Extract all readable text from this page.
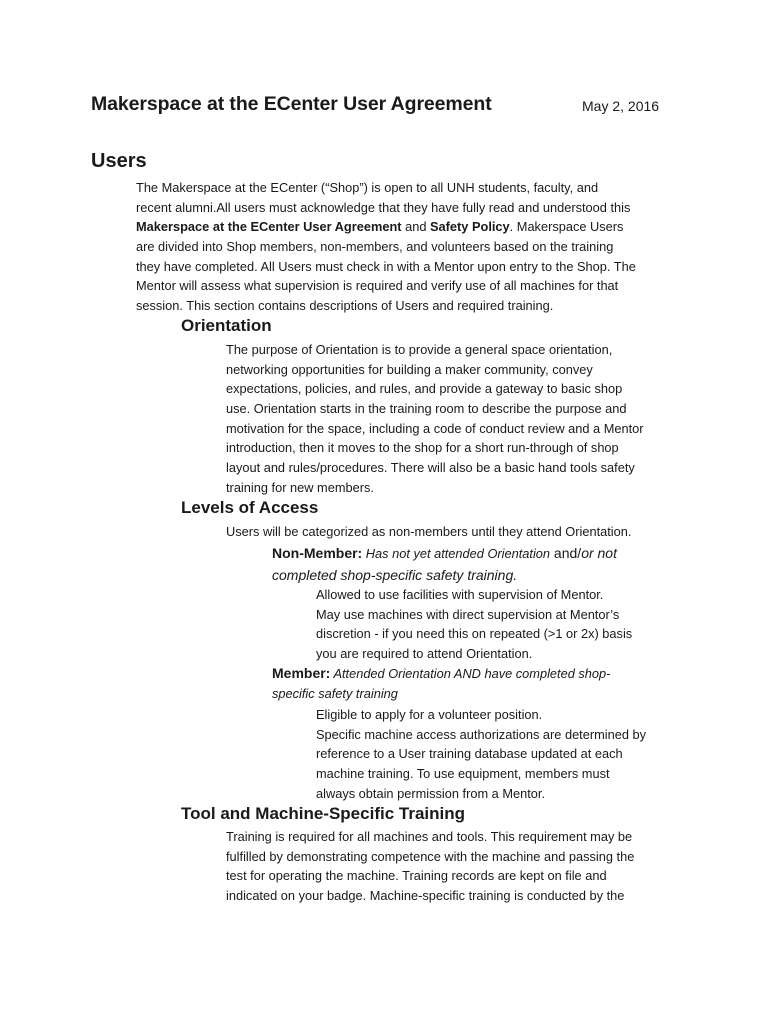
Makerspace at the ECenter User Agreement	May 2, 2016
Users
The Makerspace at the ECenter (“Shop”) is open to all UNH students, faculty, and
recent alumni.All users must acknowledge that they have fully read and understood this
Makerspace at the ECenter User Agreement and Safety Policy. Makerspace Users
are divided into Shop members, non-members, and volunteers based on the training
they have completed. All Users must check in with a Mentor upon entry to the Shop. The
Mentor will assess what supervision is required and verify use of all machines for that
session. This section contains descriptions of Users and required training.
Orientation
The purpose of Orientation is to provide a general space orientation,
networking opportunities for building a maker community, convey
expectations, policies, and rules, and provide a gateway to basic shop
use. Orientation starts in the training room to describe the purpose and
motivation for the space, including a code of conduct review and a Mentor
introduction, then it moves to the shop for a short run-through of shop
layout and rules/procedures. There will also be a basic hand tools safety
training for new members.
Levels of Access
Users will be categorized as non-members until they attend Orientation.
Non-Member: Has not yet attended Orientation and/or not
completed shop-specific safety training.
Allowed to use facilities with supervision of Mentor.
May use machines with direct supervision at Mentor’s
discretion - if you need this on repeated (>1 or 2x) basis
you are required to attend Orientation.
Member: Attended Orientation AND have completed shop-
specific safety training
Eligible to apply for a volunteer position.
Specific machine access authorizations are determined by
reference to a User training database updated at each
machine training. To use equipment, members must
always obtain permission from a Mentor.
Tool and Machine-Specific Training
Training is required for all machines and tools. This requirement may be
fulfilled by demonstrating competence with the machine and passing the
test for operating the machine. Training records are kept on file and
indicated on your badge. Machine-specific training is conducted by the
